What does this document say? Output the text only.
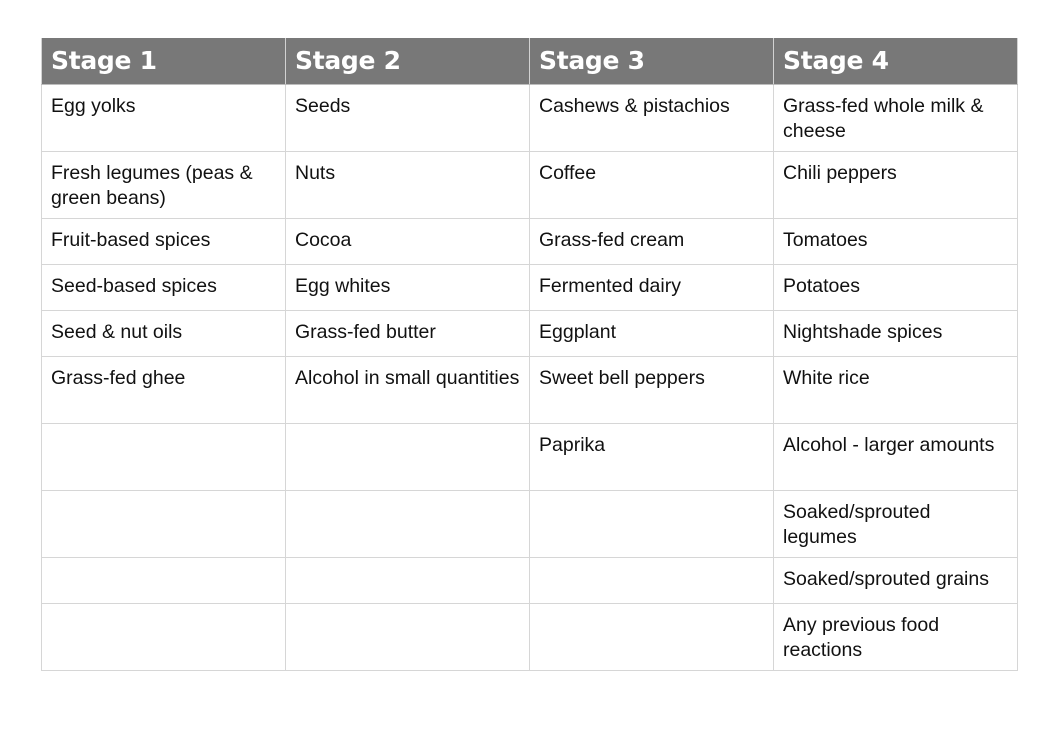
Stage 1	Stage 2	Stage 3	Stage 4
Egg yolks	Seeds	Cashews & pistachios	Grass-fed whole milk & cheese
Fresh legumes (peas & green beans)	Nuts	Coffee	Chili peppers
Fruit-based spices	Cocoa	Grass-fed cream	Tomatoes
Seed-based spices	Egg whites	Fermented dairy	Potatoes
Seed & nut oils	Grass-fed butter	Eggplant	Nightshade spices
Grass-fed ghee	Alcohol in small quantities	Sweet bell peppers	White rice
		Paprika	Alcohol - larger amounts
			Soaked/sprouted legumes
			Soaked/sprouted grains
			Any previous food reactions
